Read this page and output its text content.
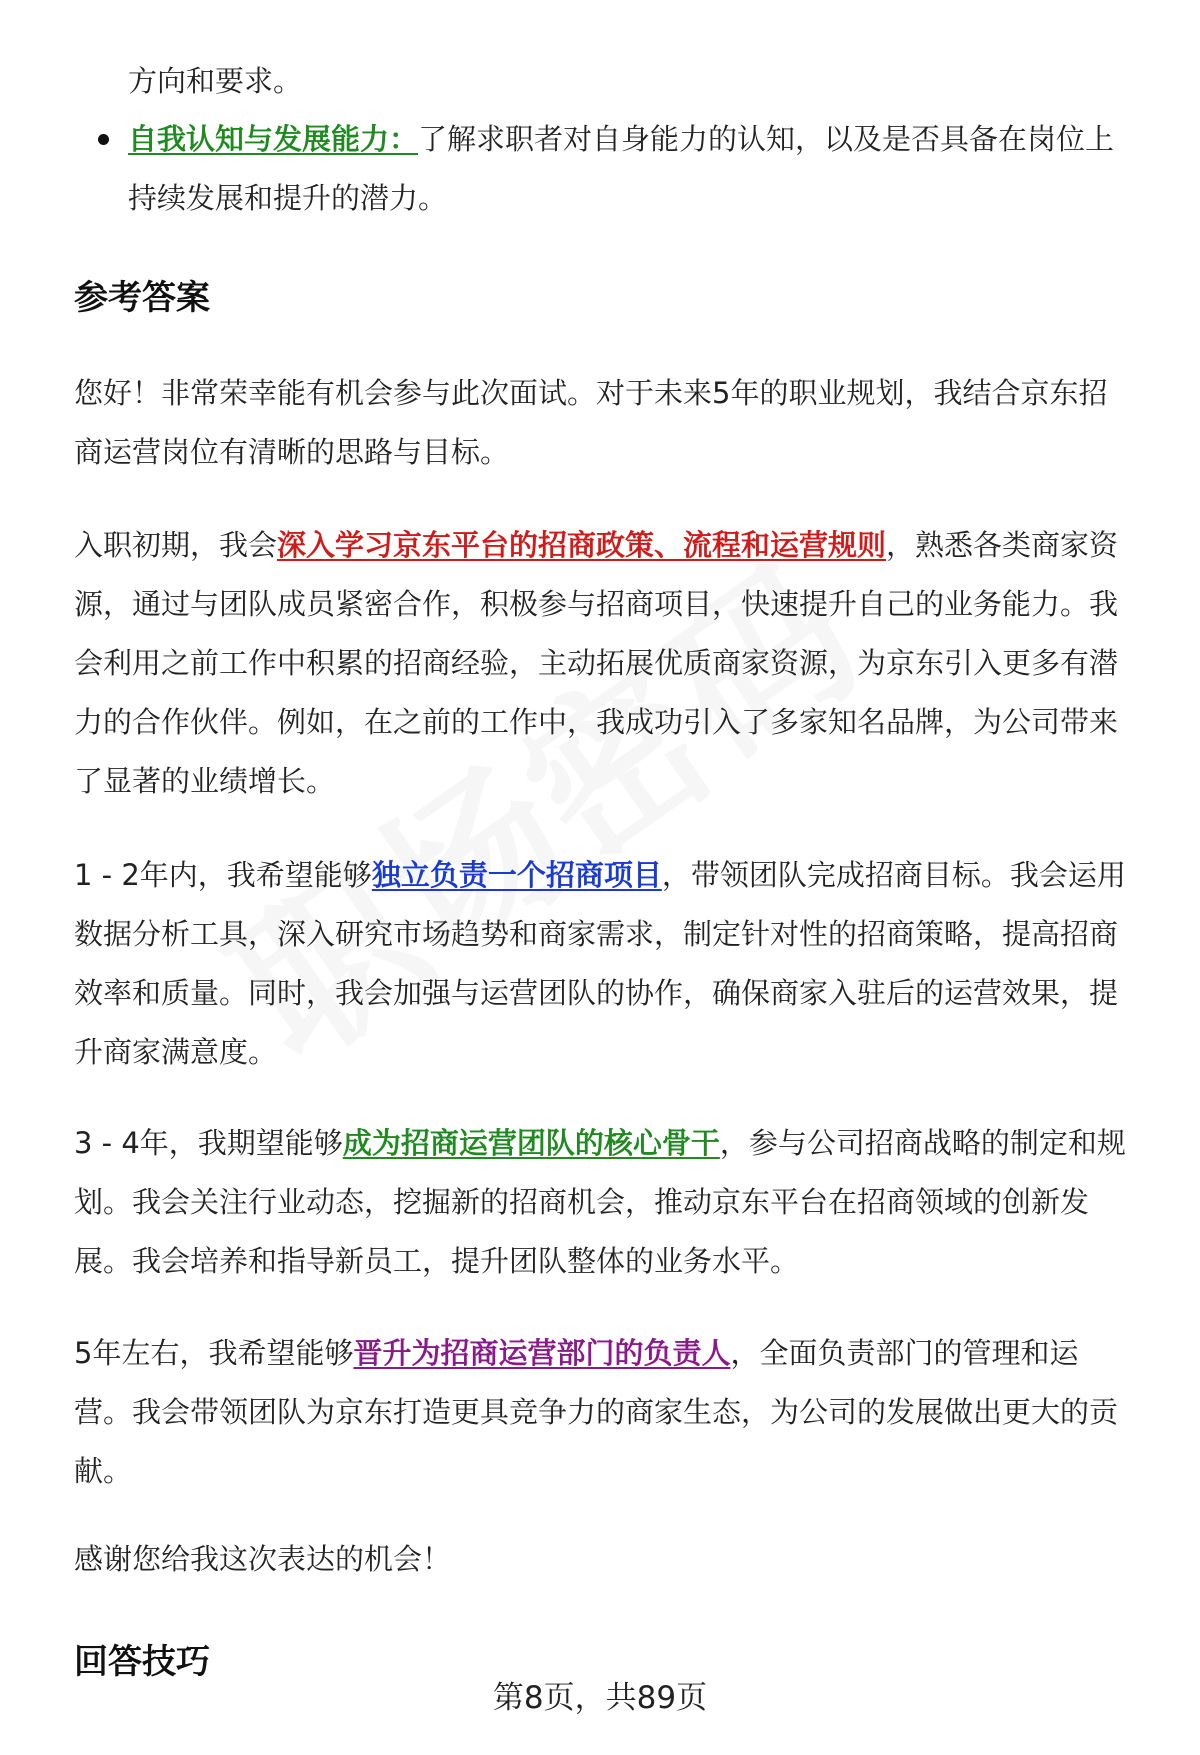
方向和要求。

自我认知与发展能力：了解求职者对自身能力的认知，以及是否具备在岗位上
持续发展和提升的潜力。

参考答案

您好！非常荣幸能有机会参与此次面试。对于未来5年的职业规划，我结合京东招
商运营岗位有清晰的思路与目标。

入职初期，我会深入学习京东平台的招商政策、流程和运营规则，熟悉各类商家资
源，通过与团队成员紧密合作，积极参与招商项目，快速提升自己的业务能力。我
会利用之前工作中积累的招商经验，主动拓展优质商家资源，为京东引入更多有潜
力的合作伙伴。例如，在之前的工作中，我成功引入了多家知名品牌，为公司带来
了显著的业绩增长。

1 - 2年内，我希望能够独立负责一个招商项目，带领团队完成招商目标。我会运用
数据分析工具，深入研究市场趋势和商家需求，制定针对性的招商策略，提高招商
效率和质量。同时，我会加强与运营团队的协作，确保商家入驻后的运营效果，提
升商家满意度。

3 - 4年，我期望能够成为招商运营团队的核心骨干，参与公司招商战略的制定和规
划。我会关注行业动态，挖掘新的招商机会，推动京东平台在招商领域的创新发
展。我会培养和指导新员工，提升团队整体的业务水平。

5年左右，我希望能够晋升为招商运营部门的负责人，全面负责部门的管理和运
营。我会带领团队为京东打造更具竞争力的商家生态，为公司的发展做出更大的贡
献。

感谢您给我这次表达的机会！

回答技巧
第8页，共89页
